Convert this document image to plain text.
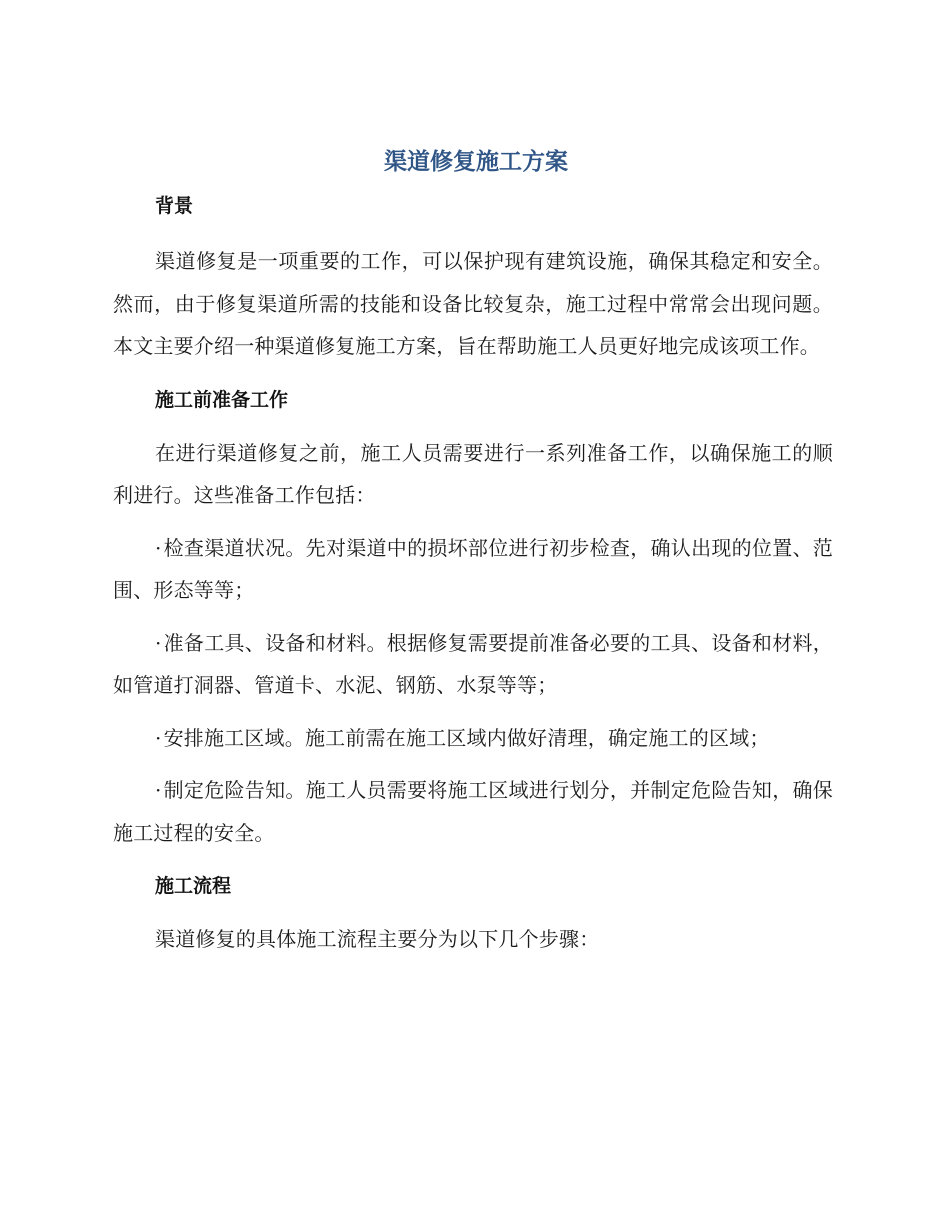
渠道修复施工方案
背景

渠道修复是一项重要的工作，可以保护现有建筑设施，确保其稳定和安全。然而，由于修复渠道所需的技能和设备比较复杂，施工过程中常常会出现问题。本文主要介绍一种渠道修复施工方案，旨在帮助施工人员更好地完成该项工作。

施工前准备工作

在进行渠道修复之前，施工人员需要进行一系列准备工作，以确保施工的顺利进行。这些准备工作包括：

· 检查渠道状况。先对渠道中的损坏部位进行初步检查，确认出现的位置、范围、形态等等；

· 准备工具、设备和材料。根据修复需要提前准备必要的工具、设备和材料，如管道打洞器、管道卡、水泥、钢筋、水泵等等；

· 安排施工区域。施工前需在施工区域内做好清理，确定施工的区域；

· 制定危险告知。施工人员需要将施工区域进行划分，并制定危险告知，确保施工过程的安全。

施工流程

渠道修复的具体施工流程主要分为以下几个步骤：
